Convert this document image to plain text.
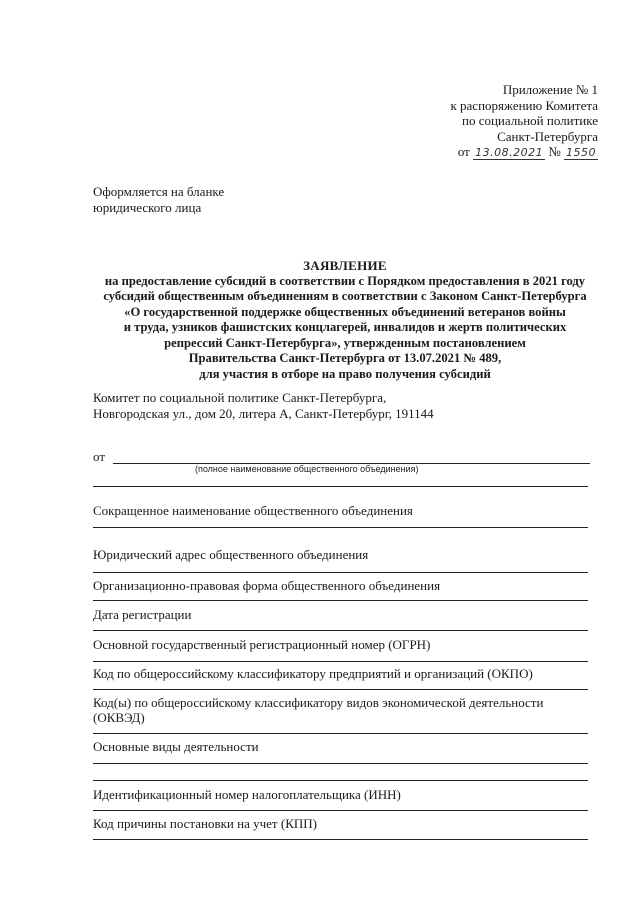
Приложение № 1
к распоряжению Комитета
по социальной политике
Санкт-Петербурга
от 13.08.2021 № 1550
Оформляется на бланке
юридического лица
ЗАЯВЛЕНИЕ
на предоставление субсидий в соответствии с Порядком предоставления в 2021 году
субсидий общественным объединениям в соответствии с Законом Санкт-Петербурга
«О государственной поддержке общественных объединений ветеранов войны
и труда, узников фашистских концлагерей, инвалидов и жертв политических
репрессий Санкт-Петербурга», утвержденным постановлением
Правительства Санкт-Петербурга от 13.07.2021 № 489,
для участия в отборе на право получения субсидий
Комитет по социальной политике Санкт-Петербурга,
Новгородская ул., дом 20, литера А, Санкт-Петербург, 191144
от
(полное наименование общественного объединения)
Сокращенное наименование общественного объединения
Юридический адрес общественного объединения
Организационно-правовая форма общественного объединения
Дата регистрации
Основной государственный регистрационный номер (ОГРН)
Код по общероссийскому классификатору предприятий и организаций (ОКПО)
Код(ы) по общероссийскому классификатору видов экономической деятельности
(ОКВЭД)
Основные виды деятельности
Идентификационный номер налогоплательщика (ИНН)
Код причины постановки на учет (КПП)
